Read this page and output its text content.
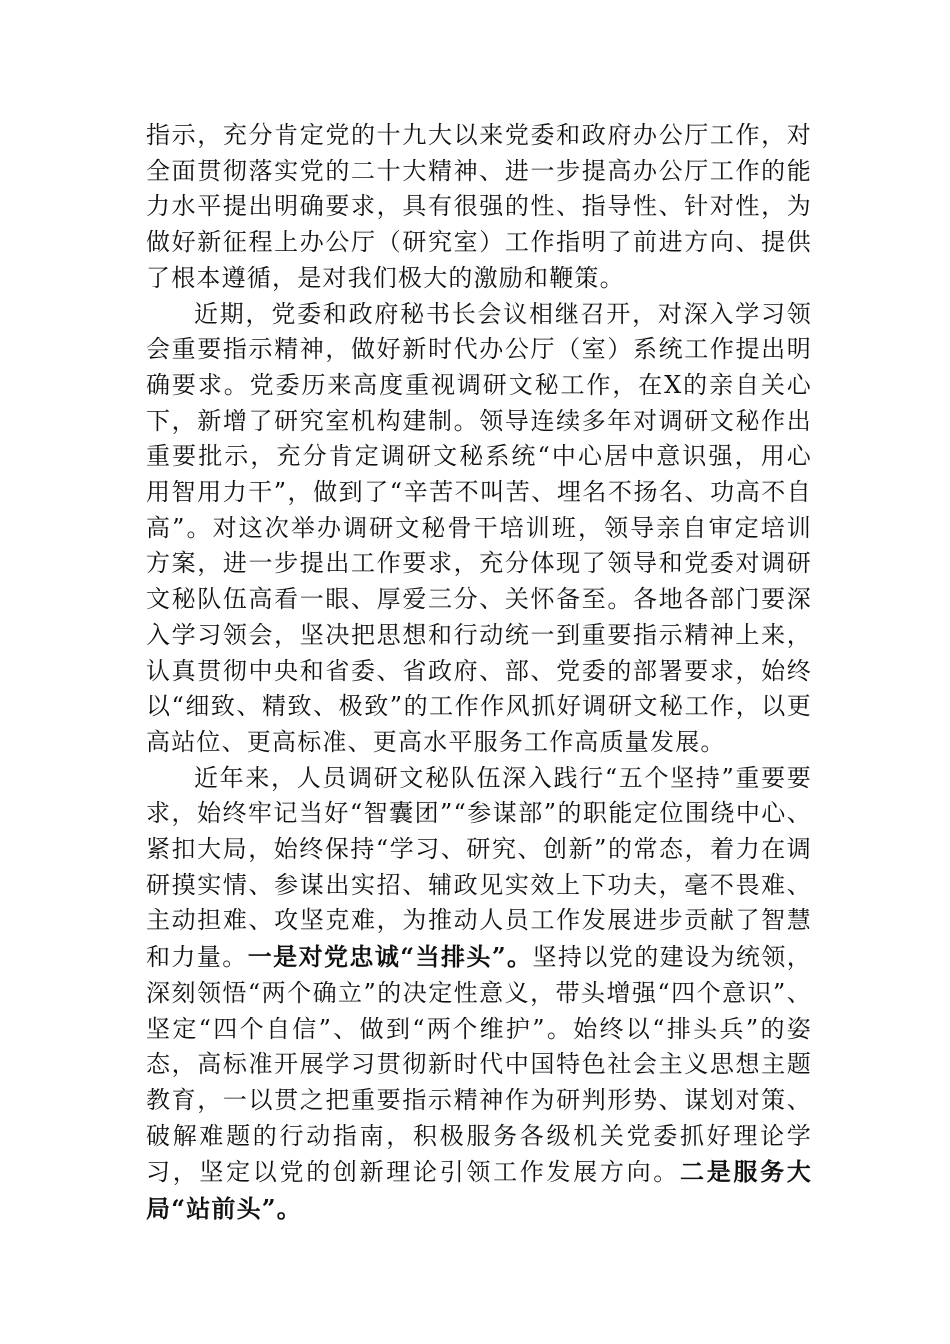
指示，充分肯定党的十九大以来党委和政府办公厅工作，对全面贯彻落实党的二十大精神、进一步提高办公厅工作的能力水平提出明确要求，具有很强的性、指导性、针对性，为做好新征程上办公厅（研究室）工作指明了前进方向、提供了根本遵循，是对我们极大的激励和鞭策。

近期，党委和政府秘书长会议相继召开，对深入学习领会重要指示精神，做好新时代办公厅（室）系统工作提出明确要求。党委历来高度重视调研文秘工作，在X的亲自关心下，新增了研究室机构建制。领导连续多年对调研文秘作出重要批示，充分肯定调研文秘系统“中心居中意识强，用心用智用力干”，做到了“辛苦不叫苦、埋名不扬名、功高不自高”。对这次举办调研文秘骨干培训班，领导亲自审定培训方案，进一步提出工作要求，充分体现了领导和党委对调研文秘队伍高看一眼、厚爱三分、关怀备至。各地各部门要深入学习领会，坚决把思想和行动统一到重要指示精神上来，认真贯彻中央和省委、省政府、部、党委的部署要求，始终以“细致、精致、极致”的工作作风抓好调研文秘工作，以更高站位、更高标准、更高水平服务工作高质量发展。

近年来，人员调研文秘队伍深入践行“五个坚持”重要要求，始终牢记当好“智囊团”“参谋部”的职能定位围绕中心、紧扣大局，始终保持“学习、研究、创新”的常态，着力在调研摸实情、参谋出实招、辅政见实效上下功夫，毫不畏难、主动担难、攻坚克难，为推动人员工作发展进步贡献了智慧和力量。一是对党忠诚“当排头”。坚持以党的建设为统领，深刻领悟“两个确立”的决定性意义，带头增强“四个意识”、坚定“四个自信”、做到“两个维护”。始终以“排头兵”的姿态，高标准开展学习贯彻新时代中国特色社会主义思想主题教育，一以贯之把重要指示精神作为研判形势、谋划对策、破解难题的行动指南，积极服务各级机关党委抓好理论学习，坚定以党的创新理论引领工作发展方向。二是服务大局“站前头”。
